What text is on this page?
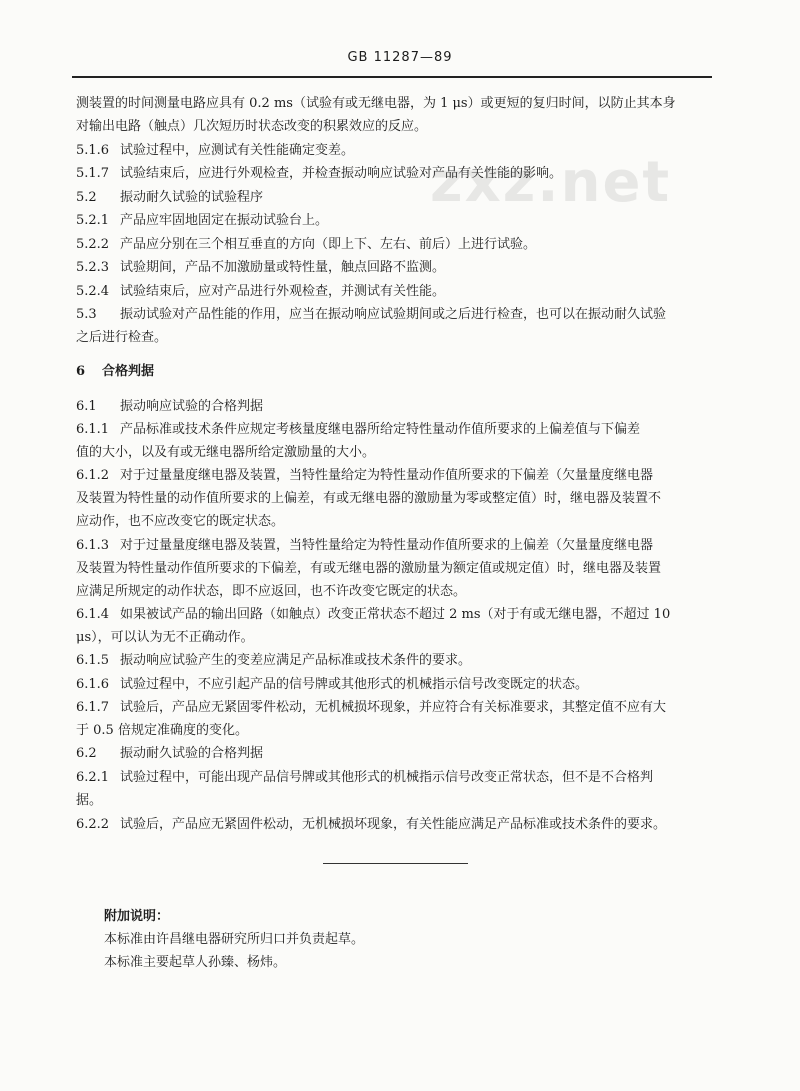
GB 11287—89
zxz.net
测装置的时间测量电路应具有 0.2 ms（试验有或无继电器，为 1 μs）或更短的复归时间，以防止其本身
对输出电路（触点）几次短历时状态改变的积累效应的反应。
5.1.6 试验过程中，应测试有关性能确定变差。
5.1.7 试验结束后，应进行外观检查，并检查振动响应试验对产品有关性能的影响。
5.2 振动耐久试验的试验程序
5.2.1 产品应牢固地固定在振动试验台上。
5.2.2 产品应分别在三个相互垂直的方向（即上下、左右、前后）上进行试验。
5.2.3 试验期间，产品不加激励量或特性量，触点回路不监测。
5.2.4 试验结束后，应对产品进行外观检查，并测试有关性能。
5.3 振动试验对产品性能的作用，应当在振动响应试验期间或之后进行检查，也可以在振动耐久试验
之后进行检查。
6 合格判据
6.1 振动响应试验的合格判据
6.1.1 产品标准或技术条件应规定考核量度继电器所给定特性量动作值所要求的上偏差值与下偏差
值的大小，以及有或无继电器所给定激励量的大小。
6.1.2 对于过量量度继电器及装置，当特性量给定为特性量动作值所要求的下偏差（欠量量度继电器
及装置为特性量的动作值所要求的上偏差，有或无继电器的激励量为零或整定值）时，继电器及装置不
应动作，也不应改变它的既定状态。
6.1.3 对于过量量度继电器及装置，当特性量给定为特性量动作值所要求的上偏差（欠量量度继电器
及装置为特性量动作值所要求的下偏差，有或无继电器的激励量为额定值或规定值）时，继电器及装置
应满足所规定的动作状态，即不应返回，也不许改变它既定的状态。
6.1.4 如果被试产品的输出回路（如触点）改变正常状态不超过 2 ms（对于有或无继电器，不超过 10
μs），可以认为无不正确动作。
6.1.5 振动响应试验产生的变差应满足产品标准或技术条件的要求。
6.1.6 试验过程中，不应引起产品的信号牌或其他形式的机械指示信号改变既定的状态。
6.1.7 试验后，产品应无紧固零件松动，无机械损坏现象，并应符合有关标准要求，其整定值不应有大
于 0.5 倍规定准确度的变化。
6.2 振动耐久试验的合格判据
6.2.1 试验过程中，可能出现产品信号牌或其他形式的机械指示信号改变正常状态，但不是不合格判
据。
6.2.2 试验后，产品应无紧固件松动，无机械损坏现象，有关性能应满足产品标准或技术条件的要求。
附加说明：
本标准由许昌继电器研究所归口并负责起草。
本标准主要起草人孙臻、杨炜。
